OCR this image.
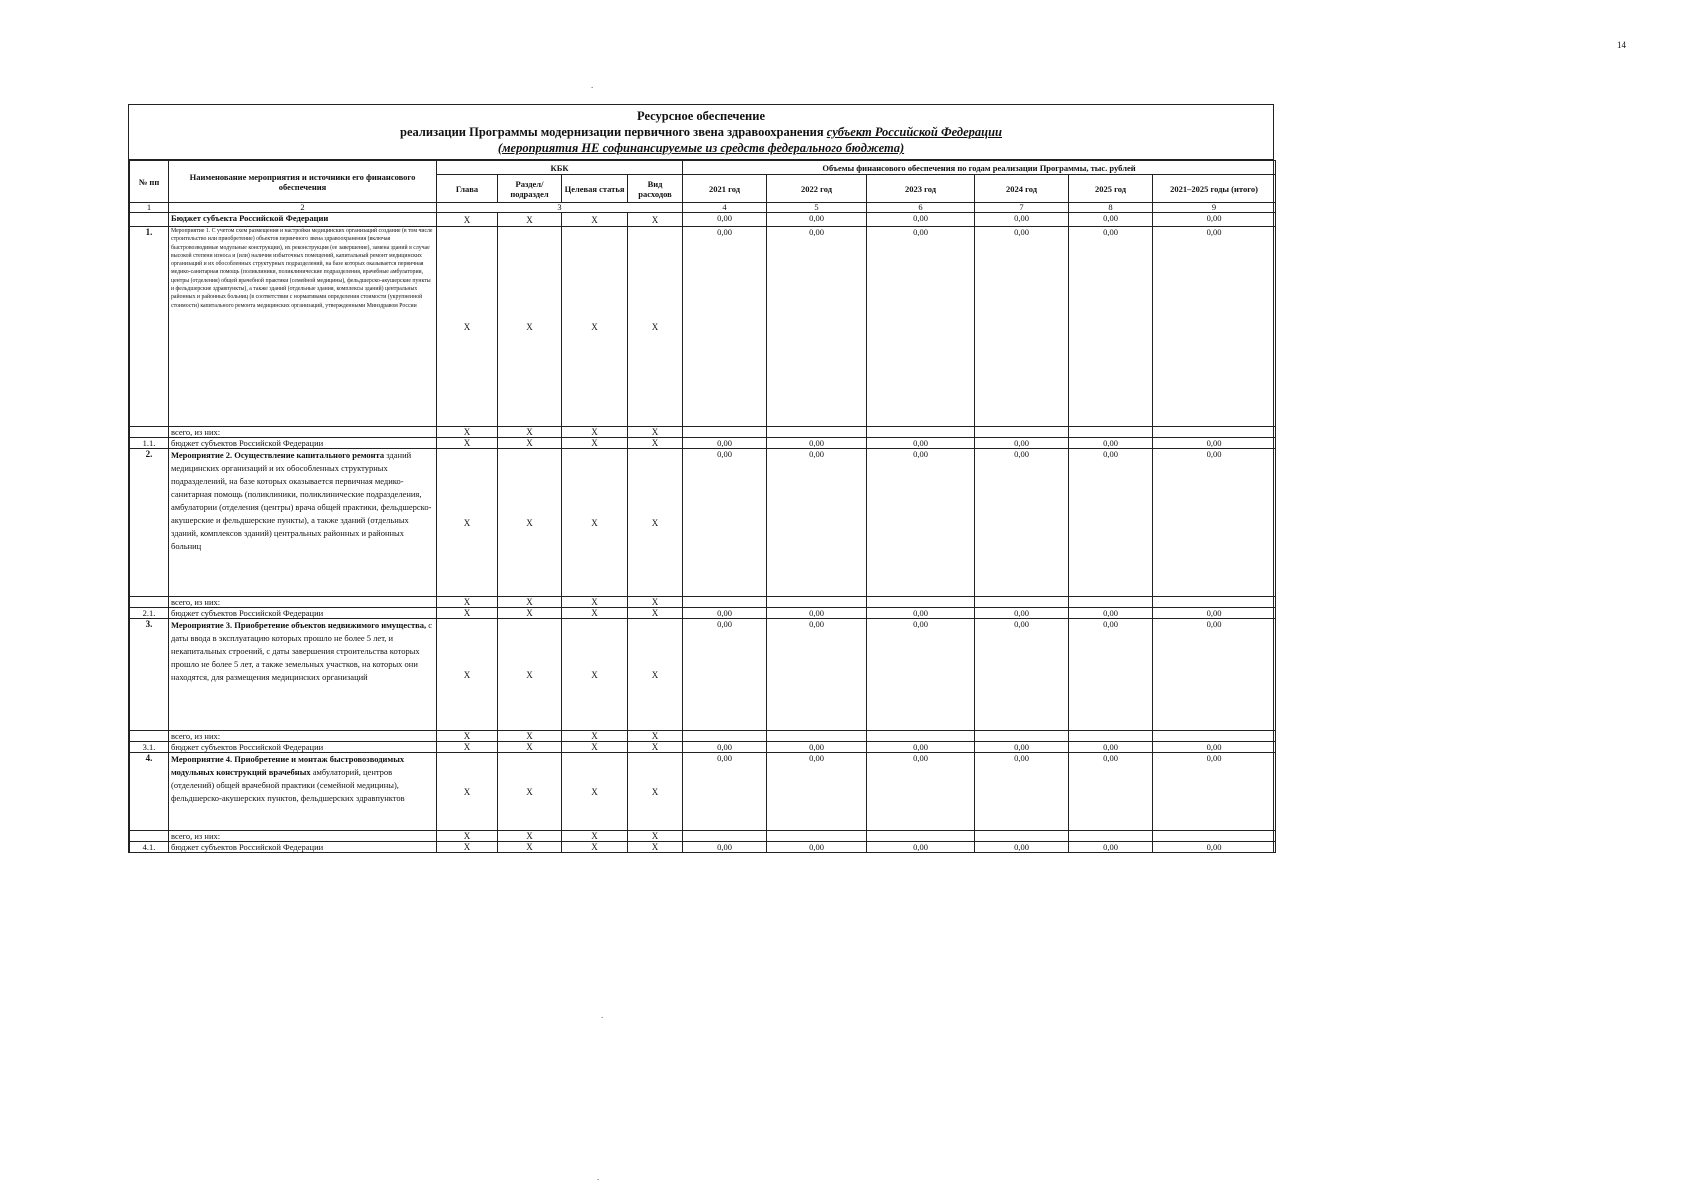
14
.
.
.
Ресурсное обеспечение
реализации Программы модернизации первичного звена здравоохранения субъект Российской Федерации
(мероприятия НЕ софинансируемые из средств федерального бюджета)
№ пп	Наименование мероприятия и источники его финансового обеспечения	КБК				Объемы финансового обеспечения по годам реализации Программы, тыс. рублей					
		Глава	Раздел/ подраздел	Целевая статья	Вид расходов	2021 год	2022 год	2023 год	2024 год	2025 год	2021–2025 годы (итого)
1	2	3				4	5	6	7	8	9
	Бюджет субъекта Российской Федерации	X	X	X	X	0,00	0,00	0,00	0,00	0,00	0,00
1.	Мероприятие 1. С учетом схем размещения и настройки медицинских организаций создание (в том числе строительство или приобретение) объектов первичного звена здравоохранения (включая быстровозводимые модульные конструкции), их реконструкция (ее завершение), замена зданий в случае высокой степени износа и (или) наличия избыточных помещений, капитальный ремонт медицинских организаций и их обособленных структурных подразделений, на базе которых оказывается первичная медико-санитарная помощь (поликлиники, поликлинические подразделения, врачебные амбулатории, центры (отделения) общей врачебной практики (семейной медицины), фельдшерско-акушерские пункты и фельдшерские здравпункты), а также зданий (отдельные здания, комплексы зданий) центральных районных и районных больниц (в соответствии с нормативами определения стоимости (укрупненной стоимости) капитального ремонта медицинских организаций, утвержденными Минздравом России	X	X	X	X	0,00	0,00	0,00	0,00	0,00	0,00
	всего, из них:	X	X	X	X						
1.1.	бюджет субъектов Российской Федерации	X	X	X	X	0,00	0,00	0,00	0,00	0,00	0,00
2.	Мероприятие 2. Осуществление капитального ремонта зданий медицинских организаций и их обособленных структурных подразделений, на базе которых оказывается первичная медико-санитарная помощь (поликлиники, поликлинические подразделения, амбулатории (отделения (центры) врача общей практики, фельдшерско-акушерские и фельдшерские пункты), а также зданий (отдельных зданий, комплексов зданий) центральных районных и районных больниц	X	X	X	X	0,00	0,00	0,00	0,00	0,00	0,00
	всего, из них:	X	X	X	X						
2.1.	бюджет субъектов Российской Федерации	X	X	X	X	0,00	0,00	0,00	0,00	0,00	0,00
3.	Мероприятие 3. Приобретение объектов недвижимого имущества, с даты ввода в эксплуатацию которых прошло не более 5 лет, и некапитальных строений, с даты завершения строительства которых прошло не более 5 лет, а также земельных участков, на которых они находятся, для размещения медицинских организаций	X	X	X	X	0,00	0,00	0,00	0,00	0,00	0,00
	всего, из них:	X	X	X	X						
3.1.	бюджет субъектов Российской Федерации	X	X	X	X	0,00	0,00	0,00	0,00	0,00	0,00
4.	Мероприятие 4. Приобретение и монтаж быстровозводимых модульных конструкций врачебных амбулаторий, центров (отделений) общей врачебной практики (семейной медицины), фельдшерско-акушерских пунктов, фельдшерских здравпунктов	X	X	X	X	0,00	0,00	0,00	0,00	0,00	0,00
	всего, из них:	X	X	X	X						
4.1.	бюджет субъектов Российской Федерации	X	X	X	X	0,00	0,00	0,00	0,00	0,00	0,00
